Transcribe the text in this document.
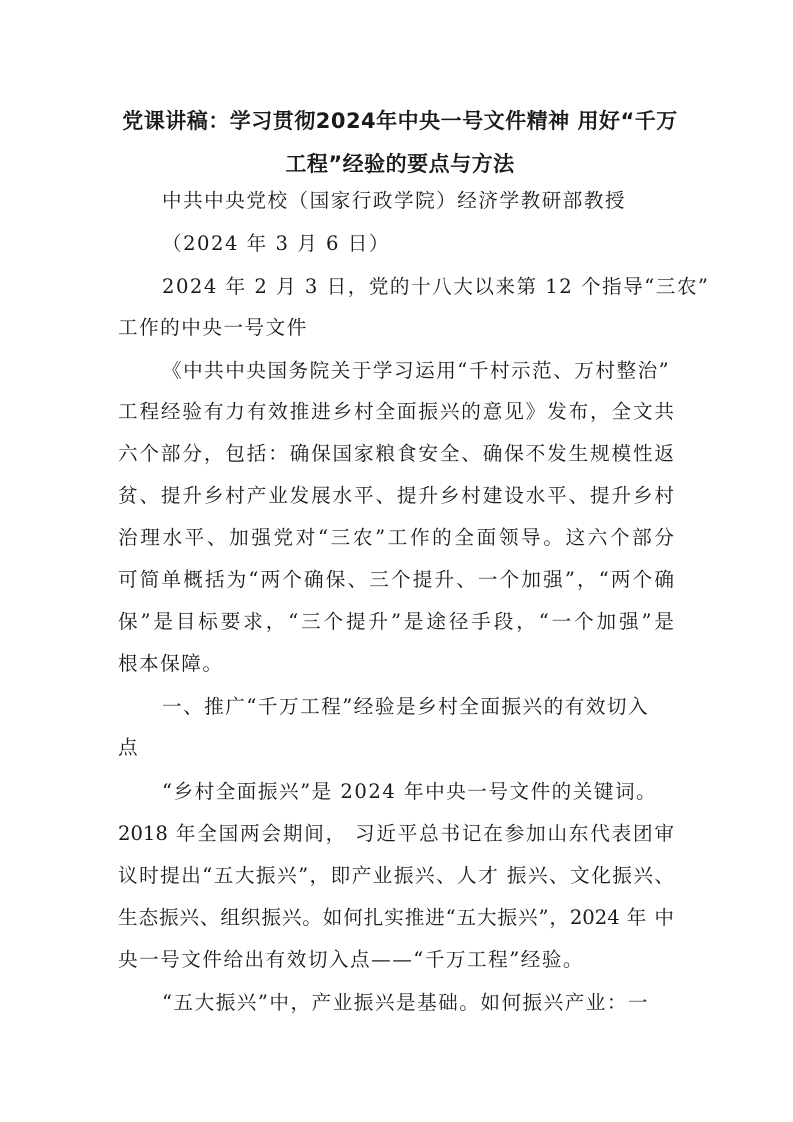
党课讲稿：学习贯彻2024年中央一号文件精神 用好“千万
工程”经验的要点与方法
中共中央党校（国家行政学院）经济学教研部教授
（2024 年 3 月 6 日）
2024 年 2 月 3 日，党的十八大以来第 12 个指导“三农”
工作的中央一号文件
《中共中央国务院关于学习运用“千村示范、万村整治”
工程经验有力有效推进乡村全面振兴的意见》发布，全文共
六个部分，包括：确保国家粮食安全、确保不发生规模性返
贫、提升乡村产业发展水平、提升乡村建设水平、提升乡村
治理水平、加强党对“三农”工作的全面领导。这六个部分
可简单概括为“两个确保、三个提升、一个加强”，“两个确
保”是目标要求，“三个提升”是途径手段，“一个加强”是
根本保障。
一、推广“千万工程”经验是乡村全面振兴的有效切入
点
“乡村全面振兴”是 2024 年中央一号文件的关键词。
2018 年全国两会期间， 习近平总书记在参加山东代表团审
议时提出“五大振兴”，即产业振兴、人才 振兴、文化振兴、
生态振兴、组织振兴。如何扎实推进“五大振兴”，2024 年 中
央一号文件给出有效切入点——“千万工程”经验。
“五大振兴”中，产业振兴是基础。如何振兴产业：一
